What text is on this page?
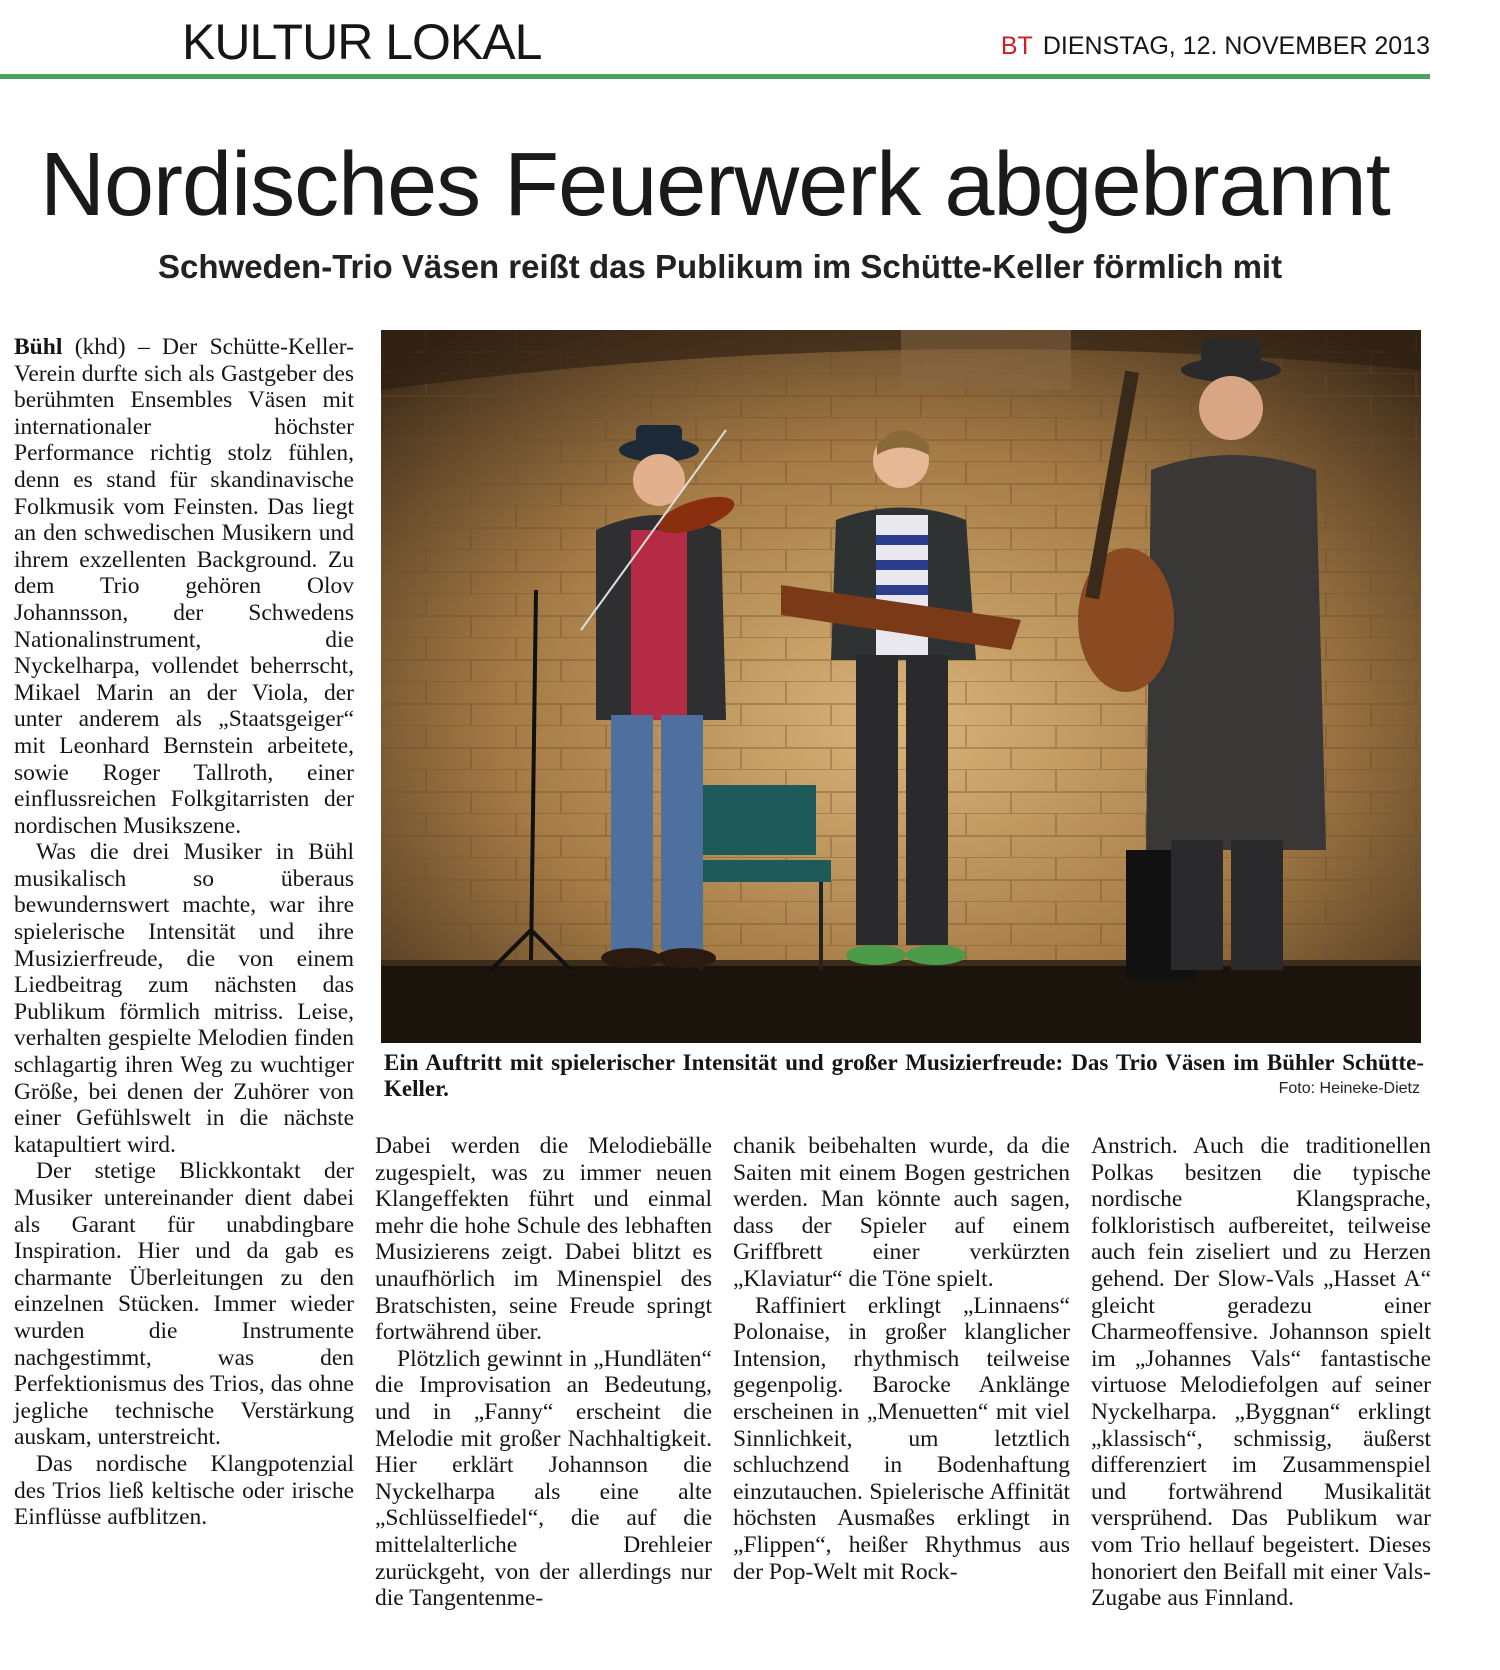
KULTUR LOKAL	BT DIENSTAG, 12. NOVEMBER 2013
Nordisches Feuerwerk abgebrannt
Schweden-Trio Väsen reißt das Publikum im Schütte-Keller förmlich mit

Bühl (khd) – Der Schütte-Keller-Verein durfte sich als Gastgeber des berühmten Ensembles Väsen mit internationaler höchster Performance richtig stolz fühlen, denn es stand für skandinavische Folkmusik vom Feinsten. Das liegt an den schwedischen Musikern und ihrem exzellenten Background. Zu dem Trio gehören Olov Johannsson, der Schwedens Nationalinstrument, die Nyckelharpa, vollendet beherrscht, Mikael Marin an der Viola, der unter anderem als „Staatsgeiger“ mit Leonhard Bernstein arbeitete, sowie Roger Tallroth, einer einflussreichen Folkgitarristen der nordischen Musikszene.

Was die drei Musiker in Bühl musikalisch so überaus bewundernswert machte, war ihre spielerische Intensität und ihre Musizierfreude, die von einem Liedbeitrag zum nächsten das Publikum förmlich mitriss. Leise, verhalten gespielte Melodien finden schlagartig ihren Weg zu wuchtiger Größe, bei denen der Zuhörer von einer Gefühlswelt in die nächste katapultiert wird.

Der stetige Blickkontakt der Musiker untereinander dient dabei als Garant für unabdingbare Inspiration. Hier und da gab es charmante Überleitungen zu den einzelnen Stücken. Immer wieder wurden die Instrumente nachgestimmt, was den Perfektionismus des Trios, das ohne jegliche technische Verstärkung auskam, unterstreicht.

Das nordische Klangpotenzial des Trios ließ keltische oder irische Einflüsse aufblitzen.

Ein Auftritt mit spielerischer Intensität und großer Musizierfreude: Das Trio Väsen im Bühler Schütte-Keller.	Foto: Heineke-Dietz

Dabei werden die Melodiebälle zugespielt, was zu immer neuen Klangeffekten führt und einmal mehr die hohe Schule des lebhaften Musizierens zeigt. Dabei blitzt es unaufhörlich im Minenspiel des Bratschisten, seine Freude springt fortwährend über.

Plötzlich gewinnt in „Hundläten“ die Improvisation an Bedeutung, und in „Fanny“ erscheint die Melodie mit großer Nachhaltigkeit. Hier erklärt Johannson die Nyckelharpa als eine alte „Schlüsselfiedel“, die auf die mittelalterliche Drehleier zurückgeht, von der allerdings nur die Tangentenme-

chanik beibehalten wurde, da die Saiten mit einem Bogen gestrichen werden. Man könnte auch sagen, dass der Spieler auf einem Griffbrett einer verkürzten „Klaviatur“ die Töne spielt.

Raffiniert erklingt „Linnaens“ Polonaise, in großer klanglicher Intension, rhythmisch teilweise gegenpolig. Barocke Anklänge erscheinen in „Menuetten“ mit viel Sinnlichkeit, um letztlich schluchzend in Bodenhaftung einzutauchen. Spielerische Affinität höchsten Ausmaßes erklingt in „Flippen“, heißer Rhythmus aus der Pop-Welt mit Rock-

Anstrich. Auch die traditionellen Polkas besitzen die typische nordische Klangsprache, folkloristisch aufbereitet, teilweise auch fein ziseliert und zu Herzen gehend. Der Slow-Vals „Hasset A“ gleicht geradezu einer Charmeoffensive. Johannson spielt im „Johannes Vals“ fantastische virtuose Melodiefolgen auf seiner Nyckelharpa. „Byggnan“ erklingt „klassisch“, schmissig, äußerst differenziert im Zusammenspiel und fortwährend Musikalität versprühend. Das Publikum war vom Trio hellauf begeistert. Dieses honoriert den Beifall mit einer Vals- Zugabe aus Finnland.
